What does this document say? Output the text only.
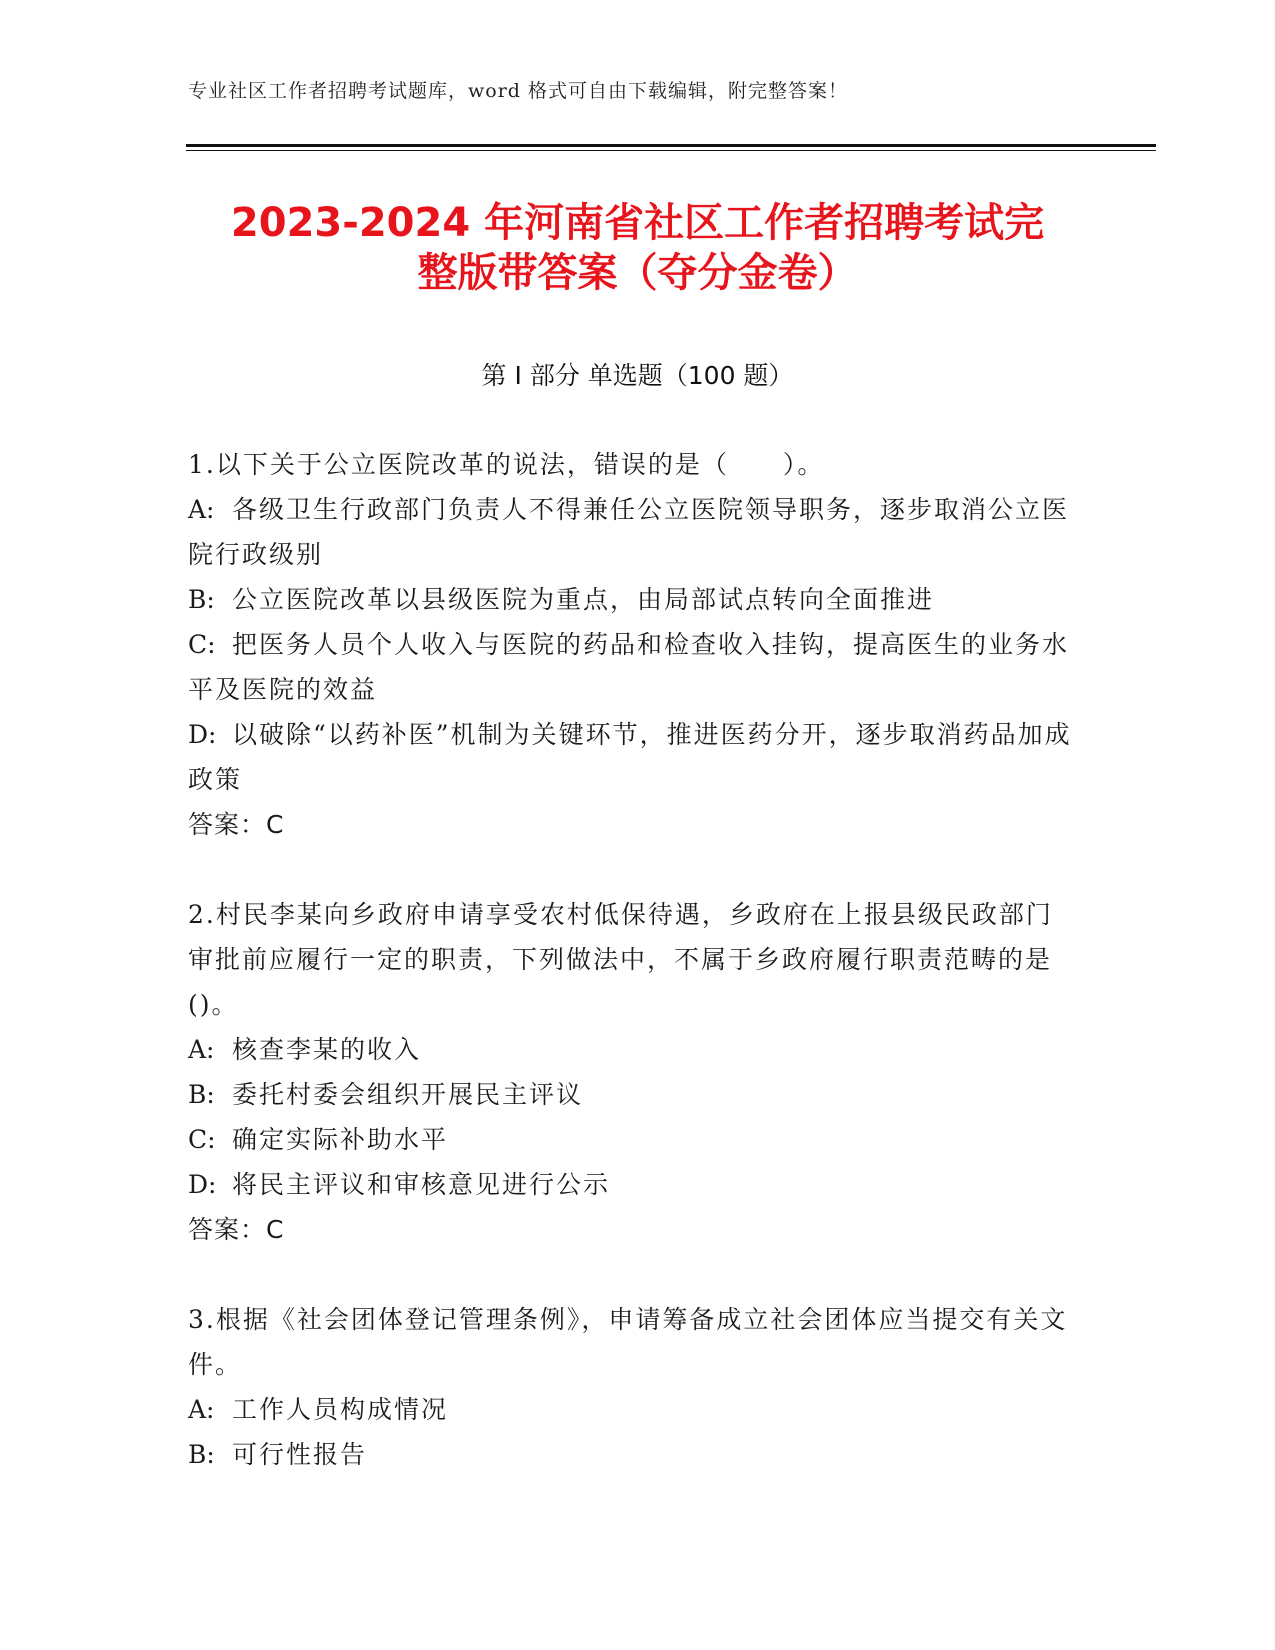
专业社区工作者招聘考试题库，word 格式可自由下载编辑，附完整答案！
2023-2024 年河南省社区工作者招聘考试完
整版带答案（夺分金卷）
第 I 部分 单选题（100 题）

1.以下关于公立医院改革的说法，错误的是（　　）。

A: 各级卫生行政部门负责人不得兼任公立医院领导职务，逐步取消公立医院行政级别

B: 公立医院改革以县级医院为重点，由局部试点转向全面推进

C: 把医务人员个人收入与医院的药品和检查收入挂钩，提高医生的业务水平及医院的效益

D: 以破除“以药补医”机制为关键环节，推进医药分开，逐步取消药品加成政策

答案：C

2.村民李某向乡政府申请享受农村低保待遇，乡政府在上报县级民政部门审批前应履行一定的职责，下列做法中，不属于乡政府履行职责范畴的是()。

A: 核查李某的收入

B: 委托村委会组织开展民主评议

C: 确定实际补助水平

D: 将民主评议和审核意见进行公示

答案：C

3.根据《社会团体登记管理条例》，申请筹备成立社会团体应当提交有关文件。

A: 工作人员构成情况

B: 可行性报告
